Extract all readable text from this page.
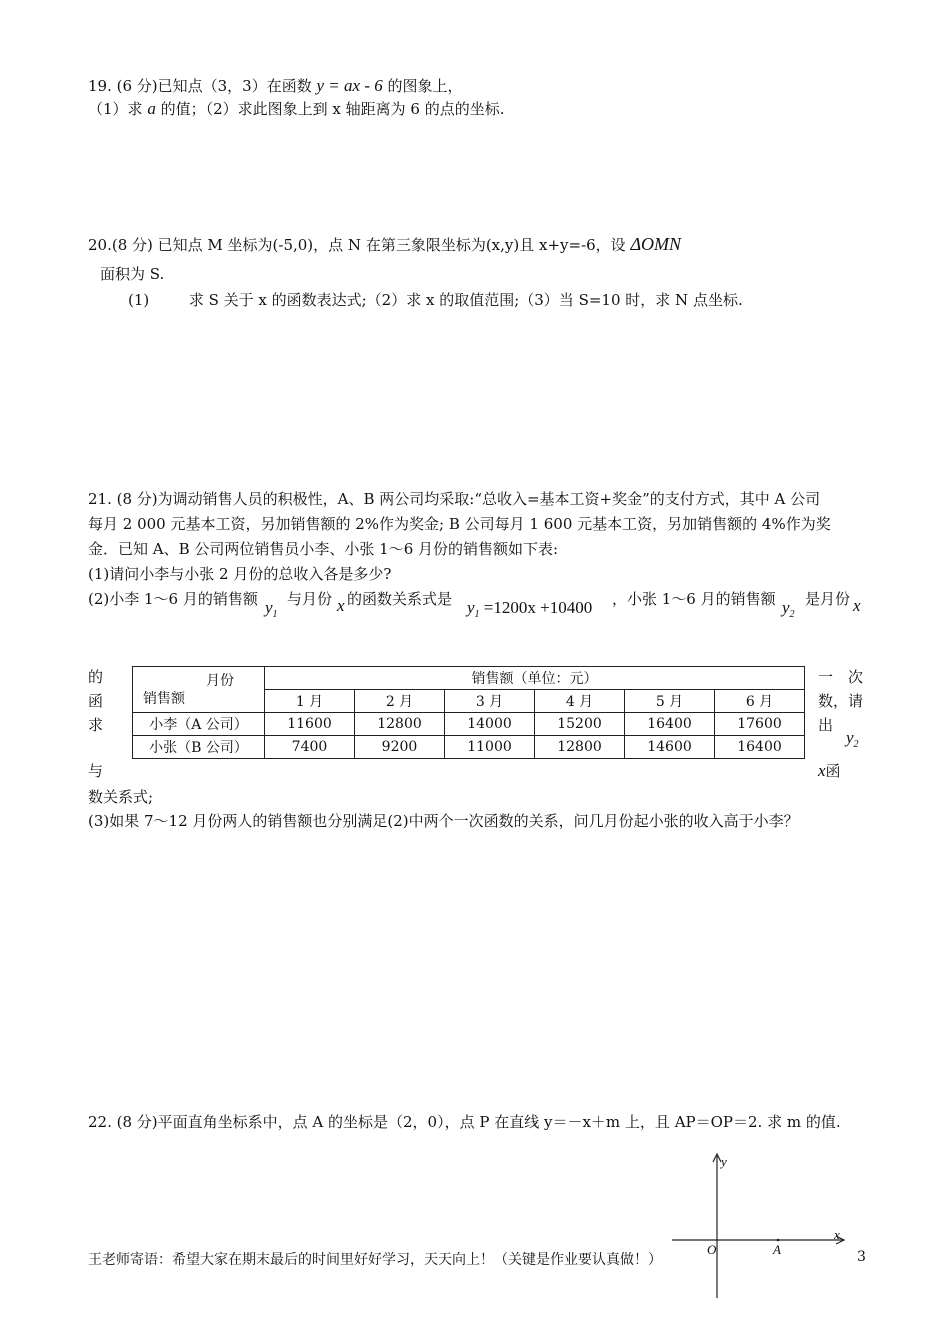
19. (6 分)已知点（3，3）在函数 y = ax - 6 的图象上，
（1）求 a 的值；（2）求此图象上到 x 轴距离为 6 的点的坐标.
20.(8 分) 已知点 M 坐标为(-5,0)，点 N 在第三象限坐标为(x,y)且 x+y=-6，设 ΔOMN
面积为 S.
(1)	求 S 关于 x 的函数表达式;（2）求 x 的取值范围;（3）当 S=10 时，求 N 点坐标.
21. (8 分)为调动销售人员的积极性，A、B 两公司均采取:“总收入=基本工资+奖金”的支付方式，其中 A 公司
每月 2 000 元基本工资，另加销售额的 2%作为奖金; B 公司每月 1 600 元基本工资，另加销售额的 4%作为奖
金．已知 A、B 公司两位销售员小李、小张 1～6 月份的销售额如下表:
(1)请问小李与小张 2 月份的总收入各是多少?
(2)小李 1～6 月的销售额 $y_1$
与月份 x 的函数关系式是 $y_1 =1200x +10400$ ，小张 1～6 月的销售额 $y_2$
是月份 x
的
函
求
与
一　次
数，请
出
$y_2$
x函
月份
销售额	销售额（单位：元）					
	1 月	2 月	3 月	4 月	5 月	6 月
小李（A 公司）	11600	12800	14000	15200	16400	17600
小张（B 公司）	7400	9200	11000	12800	14600	16400
数关系式;
(3)如果 7～12 月份两人的销售额也分别满足(2)中两个一次函数的关系，问几月份起小张的收入高于小李？
22. (8 分)平面直角坐标系中，点 A 的坐标是（2，0），点 P 在直线 y＝－x＋m 上，且 AP＝OP＝2. 求 m 的值.
y
x
O	A
王老师寄语：希望大家在期末最后的时间里好好学习，天天向上！（关键是作业要认真做！）	3
